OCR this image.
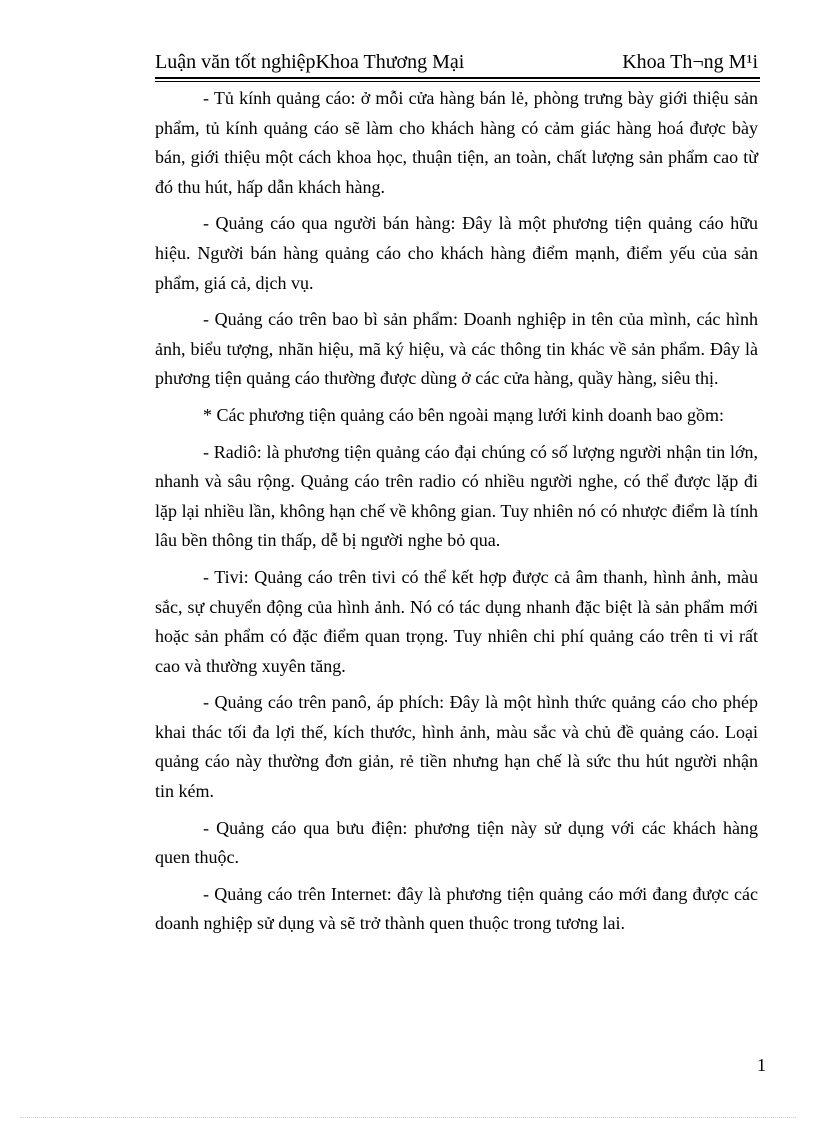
Luận văn tốt nghiệpKhoa Thương Mại	Khoa Th¬ng M¹i

- Tủ kính quảng cáo: ở mỗi cửa hàng bán lẻ, phòng trưng bày giới thiệu sản phẩm, tủ kính quảng cáo sẽ làm cho khách hàng có cảm giác hàng hoá được bày bán, giới thiệu một cách khoa học, thuận tiện, an toàn, chất lượng sản phẩm cao từ đó thu hút, hấp dẫn khách hàng.

- Quảng cáo qua người bán hàng: Đây là một phương tiện quảng cáo hữu hiệu. Người bán hàng quảng cáo cho khách hàng điểm mạnh, điểm yếu của sản phẩm, giá cả, dịch vụ.

- Quảng cáo trên bao bì sản phẩm: Doanh nghiệp in tên của mình, các hình ảnh, biểu tượng, nhãn hiệu, mã ký hiệu, và các thông tin khác về sản phẩm. Đây là phương tiện quảng cáo thường được dùng ở các cửa hàng, quầy hàng, siêu thị.

* Các phương tiện quảng cáo bên ngoài mạng lưới kinh doanh bao gồm:

- Radiô: là phương tiện quảng cáo đại chúng có số lượng người nhận tin lớn, nhanh và sâu rộng. Quảng cáo trên radio có nhiều người nghe, có thể được lặp đi lặp lại nhiều lần, không hạn chế về không gian. Tuy nhiên nó có nhược điểm là tính lâu bền thông tin thấp, dễ bị người nghe bỏ qua.

- Tivi: Quảng cáo trên tivi có thể kết hợp được cả âm thanh, hình ảnh, màu sắc, sự chuyển động của hình ảnh. Nó có tác dụng nhanh đặc biệt là sản phẩm mới hoặc sản phẩm có đặc điểm quan trọng. Tuy nhiên chi phí quảng cáo trên ti vi rất cao và thường xuyên tăng.

- Quảng cáo trên panô, áp phích: Đây là một hình thức quảng cáo cho phép khai thác tối đa lợi thế, kích thước, hình ảnh, màu sắc và chủ đề quảng cáo. Loại quảng cáo này thường đơn giản, rẻ tiền nhưng hạn chế là sức thu hút người nhận tin kém.

- Quảng cáo qua bưu điện: phương tiện này sử dụng với các khách hàng quen thuộc.

- Quảng cáo trên Internet: đây là phương tiện quảng cáo mới đang được các doanh nghiệp sử dụng và sẽ trở thành quen thuộc trong tương lai.

1
